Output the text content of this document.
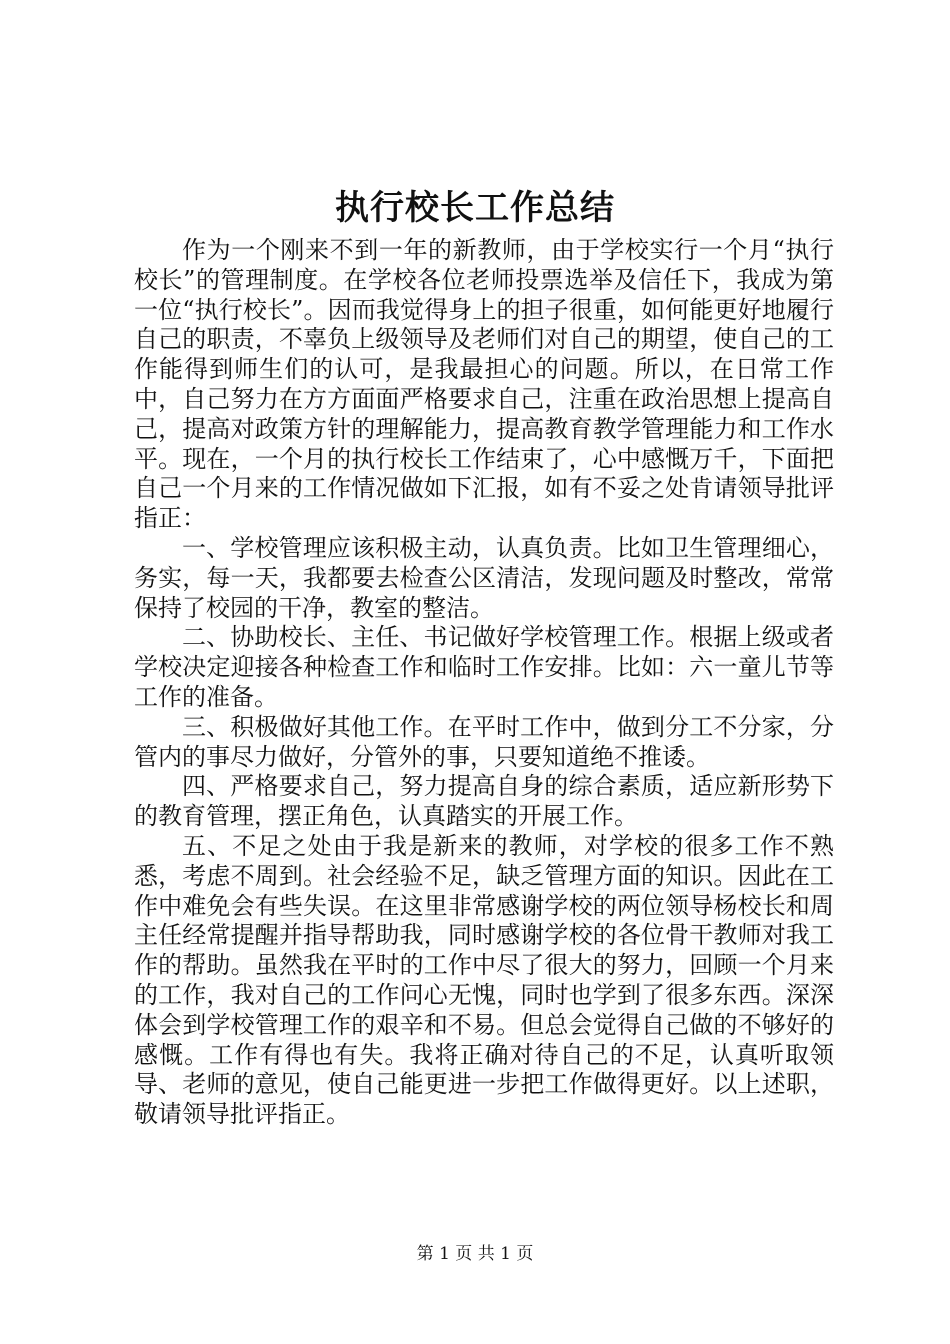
执行校长工作总结

作为一个刚来不到一年的新教师，由于学校实行一个月“执行校长”的管理制度。在学校各位老师投票选举及信任下，我成为第一位“执行校长”。因而我觉得身上的担子很重，如何能更好地履行自己的职责，不辜负上级领导及老师们对自己的期望，使自己的工作能得到师生们的认可，是我最担心的问题。所以，在日常工作中，自己努力在方方面面严格要求自己，注重在政治思想上提高自己，提高对政策方针的理解能力，提高教育教学管理能力和工作水平。现在，一个月的执行校长工作结束了，心中感慨万千，下面把自己一个月来的工作情况做如下汇报，如有不妥之处肯请领导批评指正：

一、学校管理应该积极主动，认真负责。比如卫生管理细心，务实，每一天，我都要去检查公区清洁，发现问题及时整改，常常保持了校园的干净，教室的整洁。

二、协助校长、主任、书记做好学校管理工作。根据上级或者学校决定迎接各种检查工作和临时工作安排。比如：六一童儿节等工作的准备。

三、积极做好其他工作。在平时工作中，做到分工不分家，分管内的事尽力做好，分管外的事，只要知道绝不推诿。

四、严格要求自己，努力提高自身的综合素质，适应新形势下的教育管理，摆正角色，认真踏实的开展工作。

五、不足之处由于我是新来的教师，对学校的很多工作不熟悉，考虑不周到。社会经验不足，缺乏管理方面的知识。因此在工作中难免会有些失误。在这里非常感谢学校的两位领导杨校长和周主任经常提醒并指导帮助我，同时感谢学校的各位骨干教师对我工作的帮助。虽然我在平时的工作中尽了很大的努力，回顾一个月来的工作，我对自己的工作问心无愧，同时也学到了很多东西。深深体会到学校管理工作的艰辛和不易。但总会觉得自己做的不够好的感慨。工作有得也有失。我将正确对待自己的不足，认真听取领导、老师的意见，使自己能更进一步把工作做得更好。以上述职，敬请领导批评指正。

第 1 页 共 1 页
